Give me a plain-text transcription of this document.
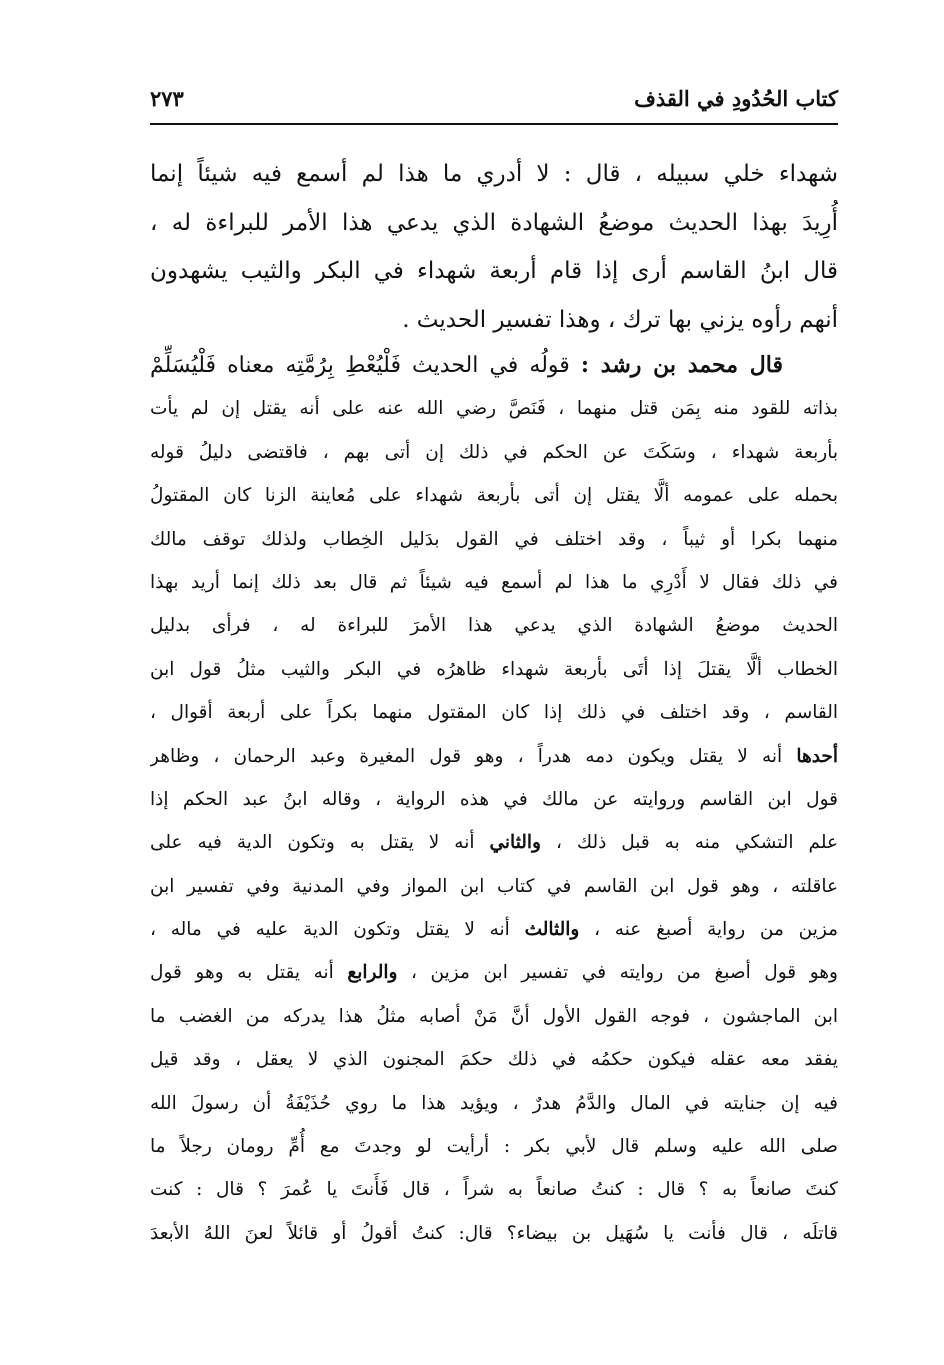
كتاب الحُدُودِ في القذف
٢٧٣
شهداء خلي سبيله ، قال : لا أدري ما هذا لم أسمع فيه شيئاً إنما
أُرِيدَ بهذا الحديث موضعُ الشهادة الذي يدعي هذا الأمر للبراءة له ،
قال ابنُ القاسم أرى إذا قام أربعة شهداء في البكر والثيب يشهدون
أنهم رأوه يزني بها ترك ، وهذا تفسير الحديث .
قال محمد بن رشد : قولُه في الحديث فَلْيُعْطِ بِرُمَّتِه معناه فَلْيُسَلِّمْ
بذاته للقود منه بِمَن قتل منهما ، فَنَصَّ رضي الله عنه على أنه يقتل إن لم يأت
بأربعة شهداء ، وسَكَتَ عن الحكم في ذلك إن أتى بهم ، فاقتضى دليلُ قوله
بحمله على عمومه ألَّا يقتل إن أتى بأربعة شهداء على مُعاينة الزنا كان المقتولُ
منهما بكرا أو ثيباً ، وقد اختلف في القول بدَليل الخِطاب ولذلك توقف مالك
في ذلك فقال لا أَدْرِي ما هذا لم أسمع فيه شيئاً ثم قال بعد ذلك إنما أريد بهذا
الحديث موضعُ الشهادة الذي يدعي هذا الأمرَ للبراءة له ، فرأى بدليل
الخطاب ألَّا يقتلَ إذا أتَى بأربعة شهداء ظاهرُه في البكر والثيب مثلُ قول ابن
القاسم ، وقد اختلف في ذلك إذا كان المقتول منهما بكراً على أربعة أقوال ،
أحدها أنه لا يقتل ويكون دمه هدراً ، وهو قول المغيرة وعبد الرحمان ، وظاهر
قول ابن القاسم وروايته عن مالك في هذه الرواية ، وقاله ابنُ عبد الحكم إذا
علم التشكي منه به قبل ذلك ، والثاني أنه لا يقتل به وتكون الدية فيه على
عاقلته ، وهو قول ابن القاسم في كتاب ابن المواز وفي المدنية وفي تفسير ابن
مزين من رواية أصبغ عنه ، والثالث أنه لا يقتل وتكون الدية عليه في ماله ،
وهو قول أصبغ من روايته في تفسير ابن مزين ، والرابع أنه يقتل به وهو قول
ابن الماجشون ، فوجه القول الأول أنَّ مَنْ أصابه مثلُ هذا يدركه من الغضب ما
يفقد معه عقله فيكون حكمُه في ذلك حكمَ المجنون الذي لا يعقل ، وقد قيل
فيه إن جنايته في المال والدَّمُ هدرٌ ، ويؤيد هذا ما روي حُذَيْفَةُ أن رسولَ الله
صلى الله عليه وسلم قال لأبي بكر : أرأيت لو وجدتَ مع أُمِّ رومان رجلاً ما
كنتَ صانعاً به ؟ قال : كنتُ صانعاً به شراً ، قال فَأَنتَ يا عُمرَ ؟ قال : كنت
قاتلَه ، قال فأنت يا سُهَيل بن بيضاء؟ قال: كنتُ أقولُ أو قائلاً لعنَ اللهُ الأبعدَ
